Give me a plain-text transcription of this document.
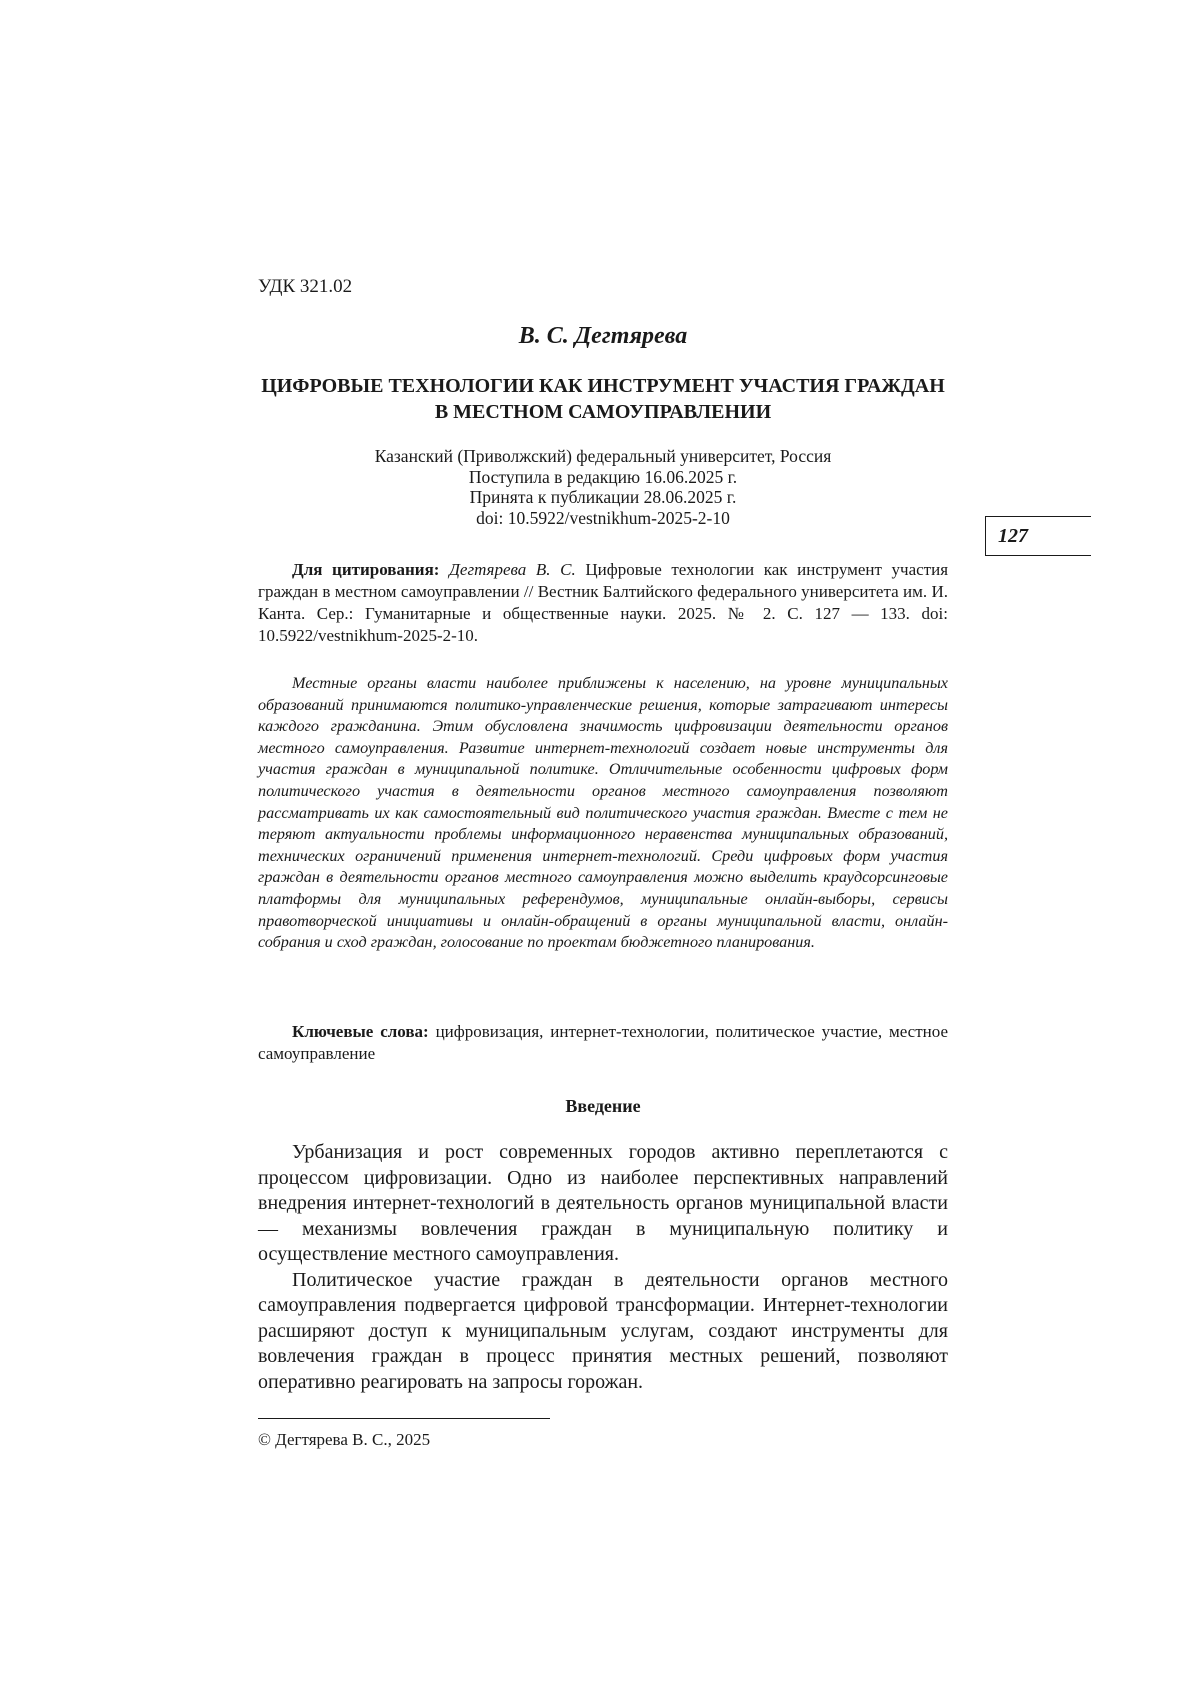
УДК 321.02
В. С. Дегтярева
ЦИФРОВЫЕ ТЕХНОЛОГИИ КАК ИНСТРУМЕНТ УЧАСТИЯ ГРАЖДАН В МЕСТНОМ САМОУПРАВЛЕНИИ
Казанский (Приволжский) федеральный университет, Россия
Поступила в редакцию 16.06.2025 г.
Принята к публикации 28.06.2025 г.
doi: 10.5922/vestnikhum-2025-2-10
127
Для цитирования: Дегтярева В. С. Цифровые технологии как инструмент участия граждан в местном самоуправлении // Вестник Балтийского федерального университета им. И. Канта. Сер.: Гуманитарные и общественные науки. 2025. № 2. С. 127 — 133. doi: 10.5922/vestnikhum-2025-2-10.
Местные органы власти наиболее приближены к населению, на уровне муниципальных образований принимаются политико-управленческие решения, которые затрагивают интересы каждого гражданина. Этим обусловлена значимость цифровизации деятельности органов местного самоуправления. Развитие интернет-технологий создает новые инструменты для участия граждан в муниципальной политике. Отличительные особенности цифровых форм политического участия в деятельности органов местного самоуправления позволяют рассматривать их как самостоятельный вид политического участия граждан. Вместе с тем не теряют актуальности проблемы информационного неравенства муниципальных образований, технических ограничений применения интернет-технологий. Среди цифровых форм участия граждан в деятельности органов местного самоуправления можно выделить краудсорсинговые платформы для муниципальных референдумов, муниципальные онлайн-выборы, сервисы правотворческой инициативы и онлайн-обращений в органы муниципальной власти, онлайн-собрания и сход граждан, голосование по проектам бюджетного планирования.
Ключевые слова: цифровизация, интернет-технологии, политическое участие, местное самоуправление
Введение

Урбанизация и рост современных городов активно переплетаются с процессом цифровизации. Одно из наиболее перспективных направлений внедрения интернет-технологий в деятельность органов муниципальной власти — механизмы вовлечения граждан в муниципальную политику и осуществление местного самоуправления.

Политическое участие граждан в деятельности органов местного самоуправления подвергается цифровой трансформации. Интернет-технологии расширяют доступ к муниципальным услугам, создают инструменты для вовлечения граждан в процесс принятия местных решений, позволяют оперативно реагировать на запросы горожан.

© Дегтярева В. С., 2025
